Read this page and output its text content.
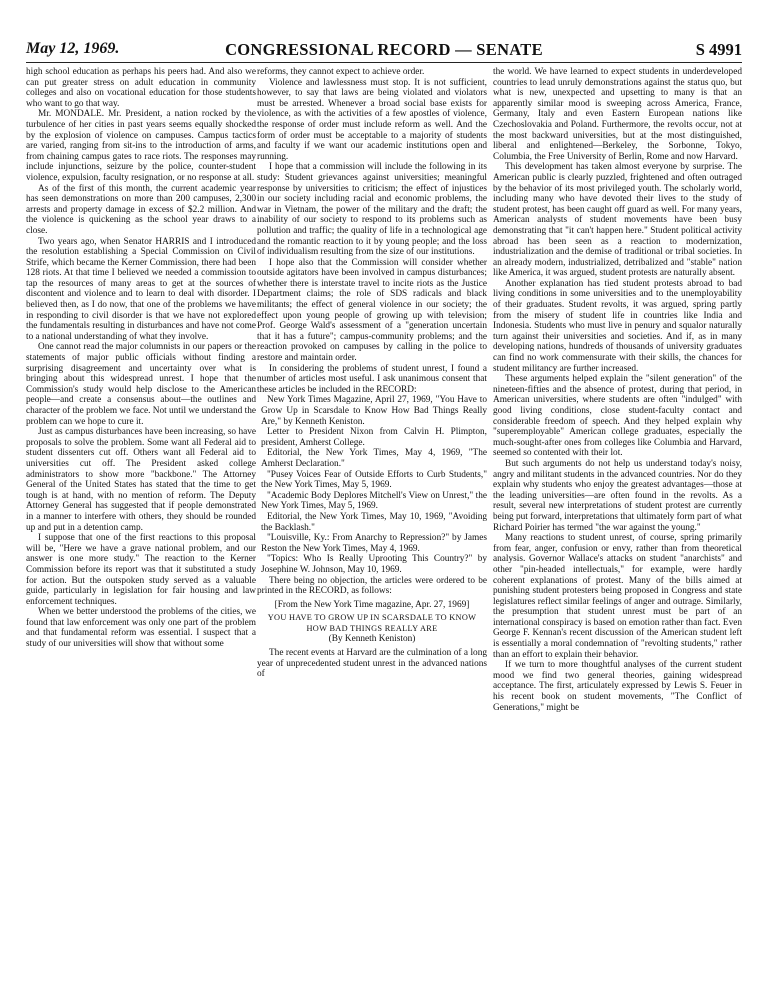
May 12, 1969.	CONGRESSIONAL RECORD — SENATE	S 4991

high school education as perhaps his peers had. And also we can put greater stress on adult education in community colleges and also on vocational education for those students who want to go that way.

Mr. MONDALE. Mr. President, a nation rocked by the turbulence of her cities in past years seems equally shocked by the explosion of violence on campuses. Campus tactics are varied, ranging from sit-ins to the introduction of arms, from chaining campus gates to race riots. The responses may include injunctions, seizure by the police, counter-student violence, expulsion, faculty resignation, or no response at all.

As of the first of this month, the current academic year has seen demonstrations on more than 200 campuses, 2,300 arrests and property damage in excess of $2.2 million. And the violence is quickening as the school year draws to a close.

Two years ago, when Senator HARRIS and I introduced the resolution establishing a Special Commission on Civil Strife, which became the Kerner Commission, there had been 128 riots. At that time I believed we needed a commission to tap the resources of many areas to get at the sources of discontent and violence and to learn to deal with disorder. I believed then, as I do now, that one of the problems we have in responding to civil disorder is that we have not explored the fundamentals resulting in disturbances and have not come to a national understanding of what they involve.

One cannot read the major columnists in our papers or the statements of major public officials without finding a surprising disagreement and uncertainty over what is bringing about this widespread unrest. I hope that the Commission's study would help disclose to the American people—and create a consensus about—the outlines and character of the problem we face. Not until we understand the problem can we hope to cure it.

Just as campus disturbances have been increasing, so have proposals to solve the problem. Some want all Federal aid to student dissenters cut off. Others want all Federal aid to universities cut off. The President asked college administrators to show more "backbone." The Attorney General of the United States has stated that the time to get tough is at hand, with no mention of reform. The Deputy Attorney General has suggested that if people demonstrated in a manner to interfere with others, they should be rounded up and put in a detention camp.

I suppose that one of the first reactions to this proposal will be, "Here we have a grave national problem, and our answer is one more study." The reaction to the Kerner Commission before its report was that it substituted a study for action. But the outspoken study served as a valuable guide, particularly in legislation for fair housing and law enforcement techniques.

When we better understood the problems of the cities, we found that law enforcement was only one part of the problem and that fundamental reform was essential. I suspect that a study of our universities will show that without some

reforms, they cannot expect to achieve order.

Violence and lawlessness must stop. It is not sufficient, however, to say that laws are being violated and violators must be arrested. Whenever a broad social base exists for violence, as with the activities of a few apostles of violence, the response of order must include reform as well. And the form of order must be acceptable to a majority of students and faculty if we want our academic institutions open and running.

I hope that a commission will include the following in its study: Student grievances against universities; meaningful response by universities to criticism; the effect of injustices in our society including racial and economic problems, the war in Vietnam, the power of the military and the draft; the inability of our society to respond to its problems such as pollution and traffic; the quality of life in a technological age and the romantic reaction to it by young people; and the loss of individualism resulting from the size of our institutions.

I hope also that the Commission will consider whether outside agitators have been involved in campus disturbances; whether there is interstate travel to incite riots as the Justice Department claims; the role of SDS radicals and black militants; the effect of general violence in our society; the effect upon young people of growing up with television; Prof. George Wald's assessment of a "generation uncertain that it has a future"; campus-community problems; and the reaction provoked on campuses by calling in the police to restore and maintain order.

In considering the problems of student unrest, I found a number of articles most useful. I ask unanimous consent that these articles be included in the RECORD:

New York Times Magazine, April 27, 1969, "You Have to Grow Up in Scarsdale to Know How Bad Things Really Are," by Kenneth Keniston.

Letter to President Nixon from Calvin H. Plimpton, president, Amherst College.

Editorial, the New York Times, May 4, 1969, "The Amherst Declaration."

"Pusey Voices Fear of Outside Efforts to Curb Students," the New York Times, May 5, 1969.

"Academic Body Deplores Mitchell's View on Unrest," the New York Times, May 5, 1969.

Editorial, the New York Times, May 10, 1969, "Avoiding the Backlash."

"Louisville, Ky.: From Anarchy to Repression?" by James Reston the New York Times, May 4, 1969.

"Topics: Who Is Really Uprooting This Country?" by Josephine W. Johnson, May 10, 1969.

There being no objection, the articles were ordered to be printed in the RECORD, as follows:

[From the New York Time magazine, Apr. 27, 1969]

YOU HAVE TO GROW UP IN SCARSDALE TO KNOW HOW BAD THINGS REALLY ARE

(By Kenneth Keniston)

The recent events at Harvard are the culmination of a long year of unprecedented student unrest in the advanced nations of

the world. We have learned to expect students in underdeveloped countries to lead unruly demonstrations against the status quo, but what is new, unexpected and upsetting to many is that an apparently similar mood is sweeping across America, France, Germany, Italy and even Eastern European nations like Czechoslovakia and Poland. Furthermore, the revolts occur, not at the most backward universities, but at the most distinguished, liberal and enlightened—Berkeley, the Sorbonne, Tokyo, Columbia, the Free University of Berlin, Rome and now Harvard.

This development has taken almost everyone by surprise. The American public is clearly puzzled, frightened and often outraged by the behavior of its most privileged youth. The scholarly world, including many who have devoted their lives to the study of student protest, has been caught off guard as well. For many years, American analysts of student movements have been busy demonstrating that "it can't happen here." Student political activity abroad has been seen as a reaction to modernization, industrialization and the demise of traditional or tribal societies. In an already modern, industrialized, detribalized and "stable" nation like America, it was argued, student protests are naturally absent.

Another explanation has tied student protests abroad to bad living conditions in some universities and to the unemployability of their graduates. Student revolts, it was argued, spring partly from the misery of student life in countries like India and Indonesia. Students who must live in penury and squalor naturally turn against their universities and societies. And if, as in many developing nations, hundreds of thousands of university graduates can find no work commensurate with their skills, the chances for student militancy are further increased.

These arguments helped explain the "silent generation" of the nineteen-fifties and the absence of protest, during that period, in American universities, where students are often "indulged" with good living conditions, close student-faculty contact and considerable freedom of speech. And they helped explain why "superemployable" American college graduates, especially the much-sought-after ones from colleges like Columbia and Harvard, seemed so contented with their lot.

But such arguments do not help us understand today's noisy, angry and militant students in the advanced countries. Nor do they explain why students who enjoy the greatest advantages—those at the leading universities—are often found in the revolts. As a result, several new interpretations of student protest are currently being put forward, interpretations that ultimately form part of what Richard Poirier has termed "the war against the young."

Many reactions to student unrest, of course, spring primarily from fear, anger, confusion or envy, rather than from theoretical analysis. Governor Wallace's attacks on student "anarchists" and other "pin-headed intellectuals," for example, were hardly coherent explanations of protest. Many of the bills aimed at punishing student protesters being proposed in Congress and state legislatures reflect similar feelings of anger and outrage. Similarly, the presumption that student unrest must be part of an international conspiracy is based on emotion rather than fact. Even George F. Kennan's recent discussion of the American student left is essentially a moral condemnation of "revolting students," rather than an effort to explain their behavior.

If we turn to more thoughtful analyses of the current student mood we find two general theories, gaining widespread acceptance. The first, articulately expressed by Lewis S. Feuer in his recent book on student movements, "The Conflict of Generations," might be
